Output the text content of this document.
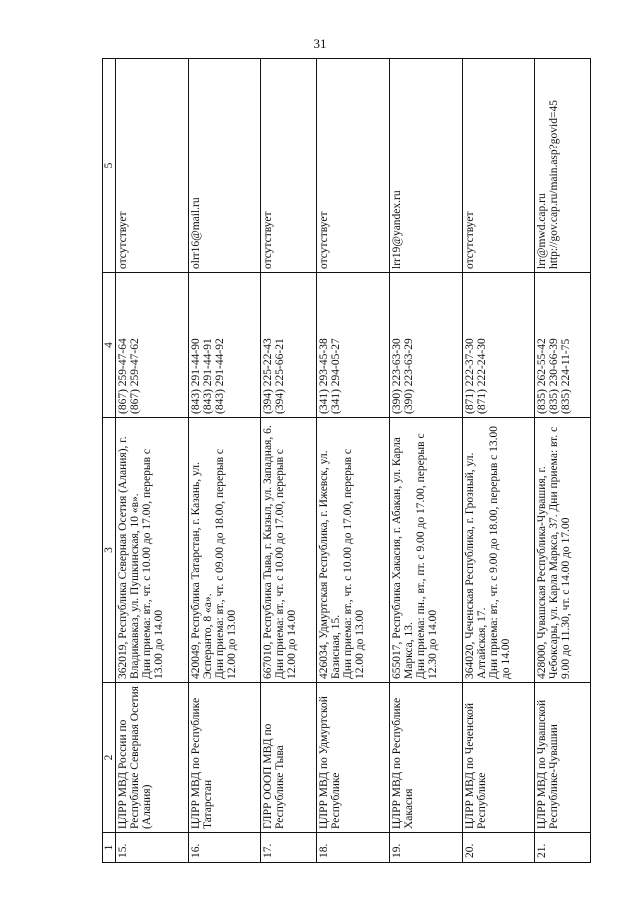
31
1	2	3	4	5
15.	ЦЛРР МВД России по Республике Северная Осетия (Алания)	362019, Республика Северная Осетия (Алания), г. Владикавказ, ул. Пушкинская, 10 «в».
Дни приема: вт., чт. с 10.00 до 17.00, перерыв с 13.00 до 14.00	(867) 259-47-64
(867) 259-47-62	отсутствует
16.	ЦЛРР МВД по Республике Татарстан	420049, Республика Татарстан, г. Казань, ул. Эсперанто, 8 «а».
Дни приема: вт., чт. с 09.00 до 18.00, перерыв с 12.00 до 13.00	(843) 291-44-90
(843) 291-44-91
(843) 291-44-92	olrr16@mail.ru
17.	ГЛРР ОООП МВД по Республике Тыва	667010, Республика Тыва, г. Кызыл, ул. Западная, 6.
Дни приема: вт., чт. с 10.00 до 17.00, перерыв с 12.00 до 14.00	(394) 225-22-43
(394) 225-66-21	отсутствует
18.	ЦЛРР МВД по Удмуртской Республике	426034, Удмуртская Республика, г. Ижевск, ул. Базисная, 15.
Дни приема: вт., чт. с 10.00 до 17.00, перерыв с 12.00 до 13.00	(341) 293-45-38
(341) 294-05-27	отсутствует
19.	ЦЛРР МВД по Республике Хакасия	655017, Республика Хакасия, г. Абакан, ул. Карла Маркса, 13.
Дни приема: пн., вт., пт. с 9.00 до 17.00, перерыв с 12.30 до 14.00	(390) 223-63-30
(390) 223-63-29	lrr19@yandex.ru
20.	ЦЛРР МВД по Чеченской Республике	364020, Чеченская Республика, г. Грозный, ул. Алтайская, 17.
Дни приема: вт., чт. с 9.00 до 18.00, перерыв с 13.00 до 14.00	(871) 222-37-30
(871) 222-24-30	отсутствует
21.	ЦЛРР МВД по Чувашской Республике-Чувашии	428000, Чувашская Республика-Чувашия, г. Чебоксары, ул. Карла Маркса, 37. Дни приема: вт. с 9.00 до 11.30, чт. с 14.00 до 17.00	(835) 262-55-42
(835) 230-66-39
(835) 224-11-75	lrr@mwd.cap.ru
http://gov.cap.ru/main.asp?govid=45
